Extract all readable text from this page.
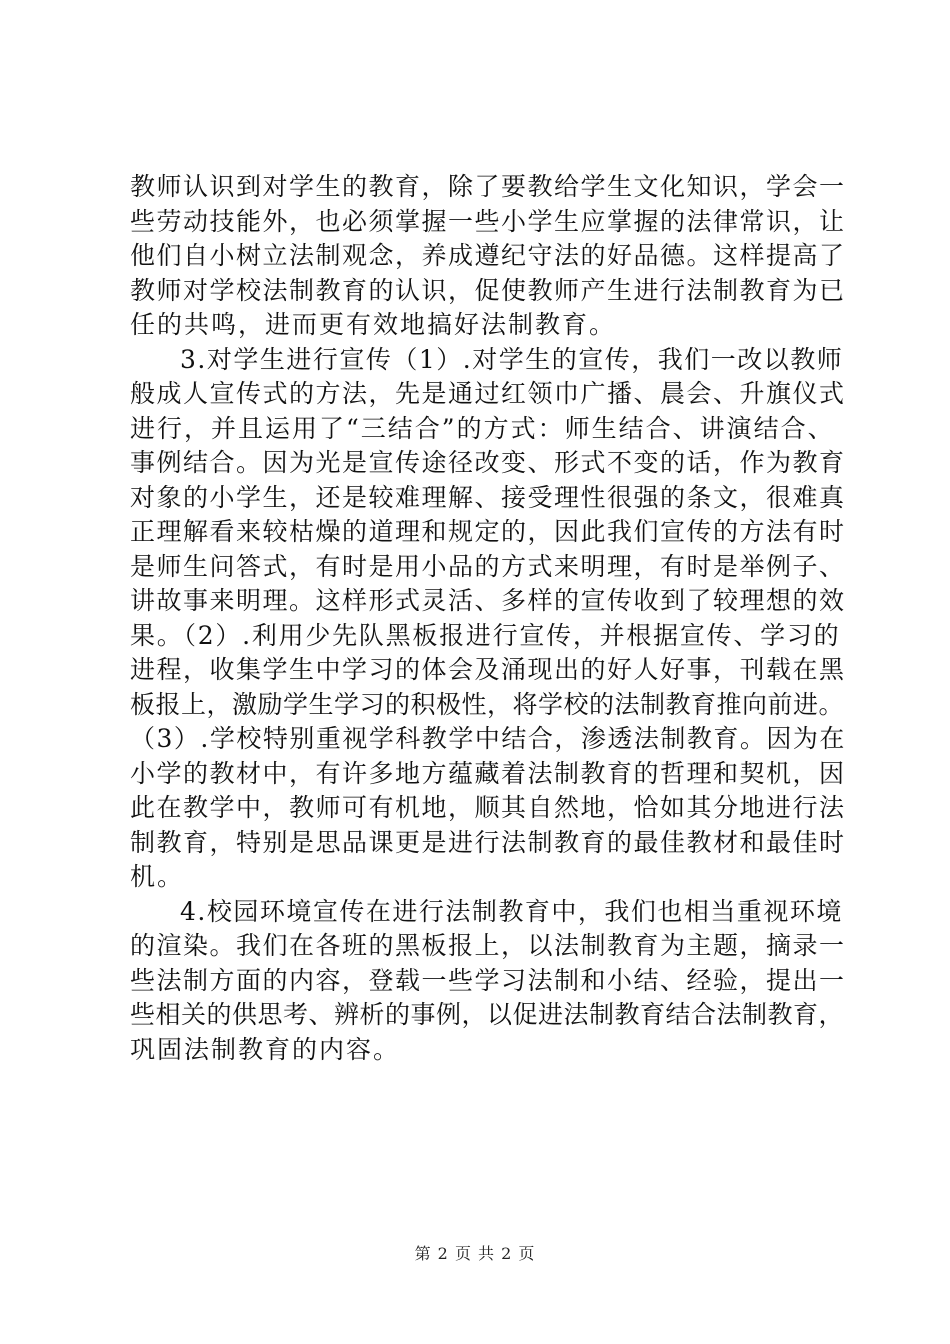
教师认识到对学生的教育，除了要教给学生文化知识，学会一
些劳动技能外，也必须掌握一些小学生应掌握的法律常识，让
他们自小树立法制观念，养成遵纪守法的好品德。这样提高了
教师对学校法制教育的认识，促使教师产生进行法制教育为已
任的共鸣，进而更有效地搞好法制教育。
3.对学生进行宣传（1）.对学生的宣传，我们一改以教师
般成人宣传式的方法，先是通过红领巾广播、晨会、升旗仪式
进行，并且运用了“三结合”的方式：师生结合、讲演结合、
事例结合。因为光是宣传途径改变、形式不变的话，作为教育
对象的小学生，还是较难理解、接受理性很强的条文，很难真
正理解看来较枯燥的道理和规定的，因此我们宣传的方法有时
是师生问答式，有时是用小品的方式来明理，有时是举例子、
讲故事来明理。这样形式灵活、多样的宣传收到了较理想的效
果。（2）.利用少先队黑板报进行宣传，并根据宣传、学习的
进程，收集学生中学习的体会及涌现出的好人好事，刊载在黑
板报上，激励学生学习的积极性，将学校的法制教育推向前进。
（3）.学校特别重视学科教学中结合，渗透法制教育。因为在
小学的教材中，有许多地方蕴藏着法制教育的哲理和契机，因
此在教学中，教师可有机地，顺其自然地，恰如其分地进行法
制教育，特别是思品课更是进行法制教育的最佳教材和最佳时
机。
4.校园环境宣传在进行法制教育中，我们也相当重视环境
的渲染。我们在各班的黑板报上，以法制教育为主题，摘录一
些法制方面的内容，登载一些学习法制和小结、经验，提出一
些相关的供思考、辨析的事例，以促进法制教育结合法制教育，
巩固法制教育的内容。
第 2 页 共 2 页
